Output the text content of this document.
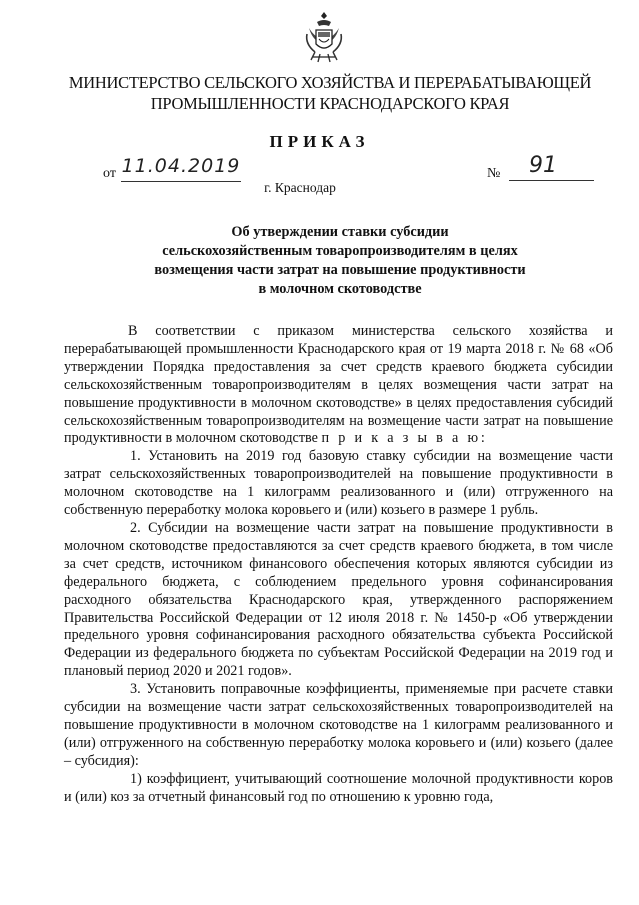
МИНИСТЕРСТВО СЕЛЬСКОГО ХОЗЯЙСТВА И ПЕРЕРАБАТЫВАЮЩЕЙ
ПРОМЫШЛЕННОСТИ КРАСНОДАРСКОГО КРАЯ
ПРИКАЗ
от 11.04.2019	№	91
г. Краснодар
Об утверждении ставки субсидии
сельскохозяйственным товаропроизводителям в целях
возмещения части затрат на повышение продуктивности
в молочном скотоводстве

В соответствии с приказом министерства сельского хозяйства и перерабатывающей промышленности Краснодарского края от 19 марта 2018 г. № 68 «Об утверждении Порядка предоставления за счет средств краевого бюджета субсидии сельскохозяйственным товаропроизводителям в целях возмещения части затрат на повышение продуктивности в молочном скотоводстве» в целях предоставления субсидий сельскохозяйственным товаропроизводителям на возмещение части затрат на повышение продуктивности в молочном скотоводстве п р и к а з ы в а ю:

1. Установить на 2019 год базовую ставку субсидии на возмещение части затрат сельскохозяйственных товаропроизводителей на повышение продуктивности в молочном скотоводстве на 1 килограмм реализованного и (или) отгруженного на собственную переработку молока коровьего и (или) козьего в размере 1 рубль.

2. Субсидии на возмещение части затрат на повышение продуктивности в молочном скотоводстве предоставляются за счет средств краевого бюджета, в том числе за счет средств, источником финансового обеспечения которых являются субсидии из федерального бюджета, с соблюдением предельного уровня софинансирования расходного обязательства Краснодарского края, утвержденного распоряжением Правительства Российской Федерации от 12 июля 2018 г. № 1450-р «Об утверждении предельного уровня софинансирования расходного обязательства субъекта Российской Федерации из федерального бюджета по субъектам Российской Федерации на 2019 год и плановый период 2020 и 2021 годов».

3. Установить поправочные коэффициенты, применяемые при расчете ставки субсидии на возмещение части затрат сельскохозяйственных товаропроизводителей на повышение продуктивности в молочном скотоводстве на 1 килограмм реализованного и (или) отгруженного на собственную переработку молока коровьего и (или) козьего (далее – субсидия):

1) коэффициент, учитывающий соотношение молочной продуктивности коров и (или) коз за отчетный финансовый год по отношению к уровню года,
